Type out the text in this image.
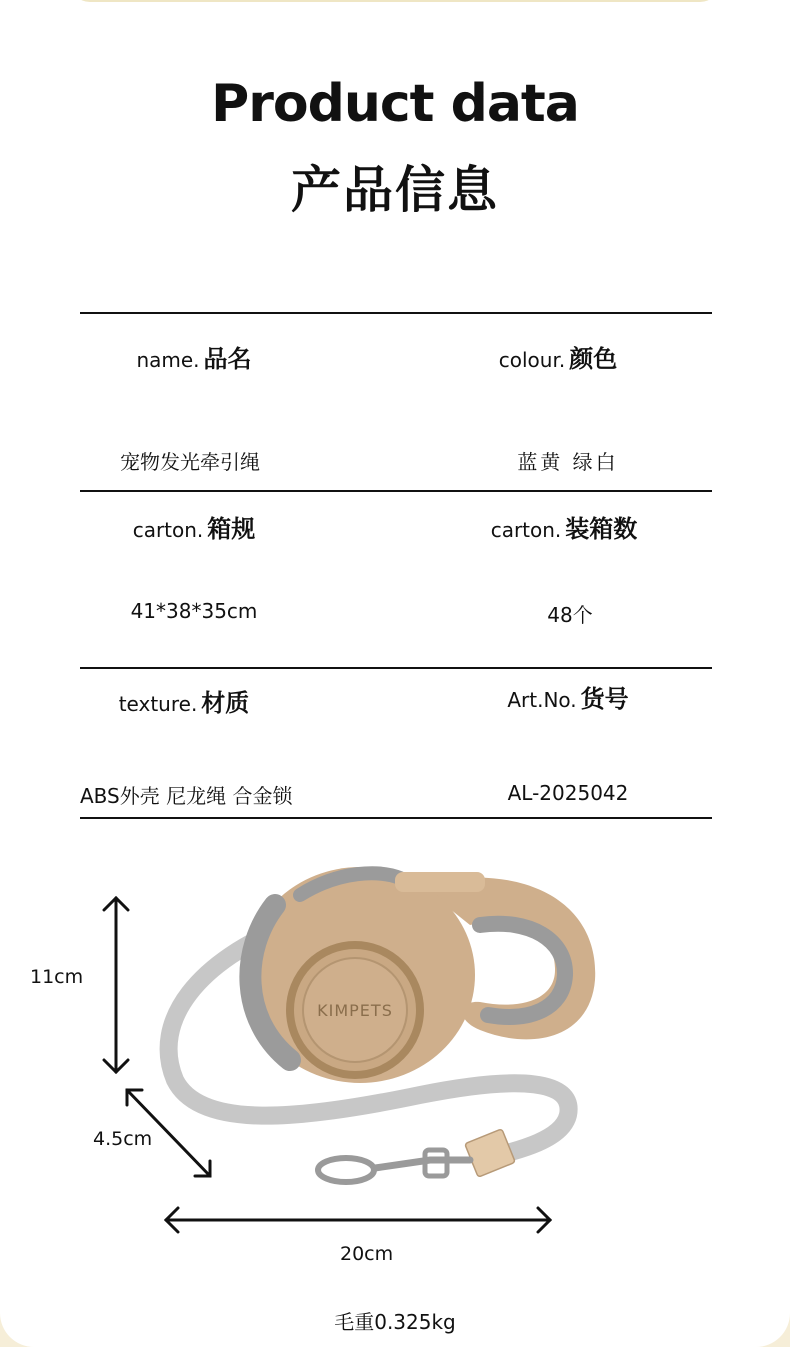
Product data
产品信息
name. 品名	colour. 颜色
宠物发光牵引绳	蓝黄 绿白
carton. 箱规	carton. 装箱数
41*38*35cm	48个
texture. 材质	Art.No. 货号
ABS外壳 尼龙绳 合金锁	AL-2025042
KIMPETS
11cm
4.5cm
20cm
毛重0.325kg
